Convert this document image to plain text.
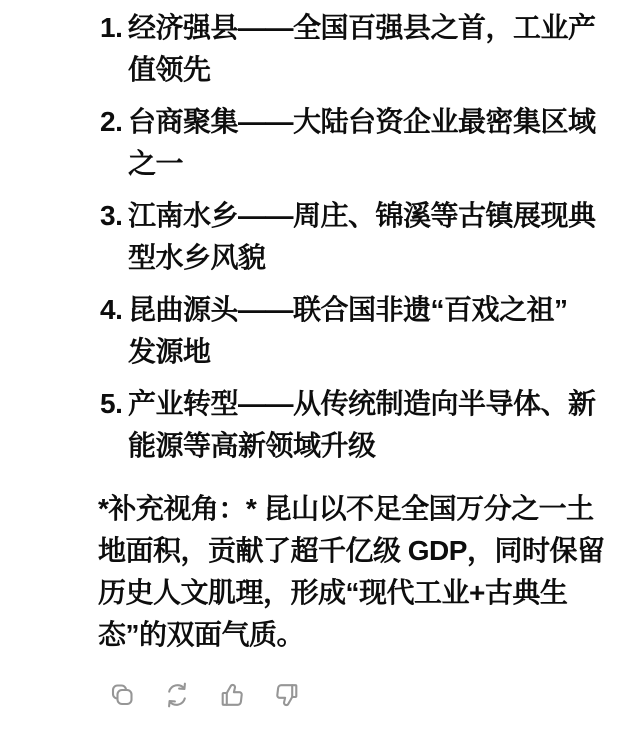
1. 经济强县——全国百强县之首，工业产
值领先
2. 台商聚集——大陆台资企业最密集区域
之一
3. 江南水乡——周庄、锦溪等古镇展现典
型水乡风貌
4. 昆曲源头——联合国非遗“百戏之祖”
发源地
5. 产业转型——从传统制造向半导体、新
能源等高新领域升级

*补充视角：* 昆山以不足全国万分之一土
地面积，贡献了超千亿级 GDP，同时保留
历史人文肌理，形成“现代工业+古典生
态”的双面气质。
